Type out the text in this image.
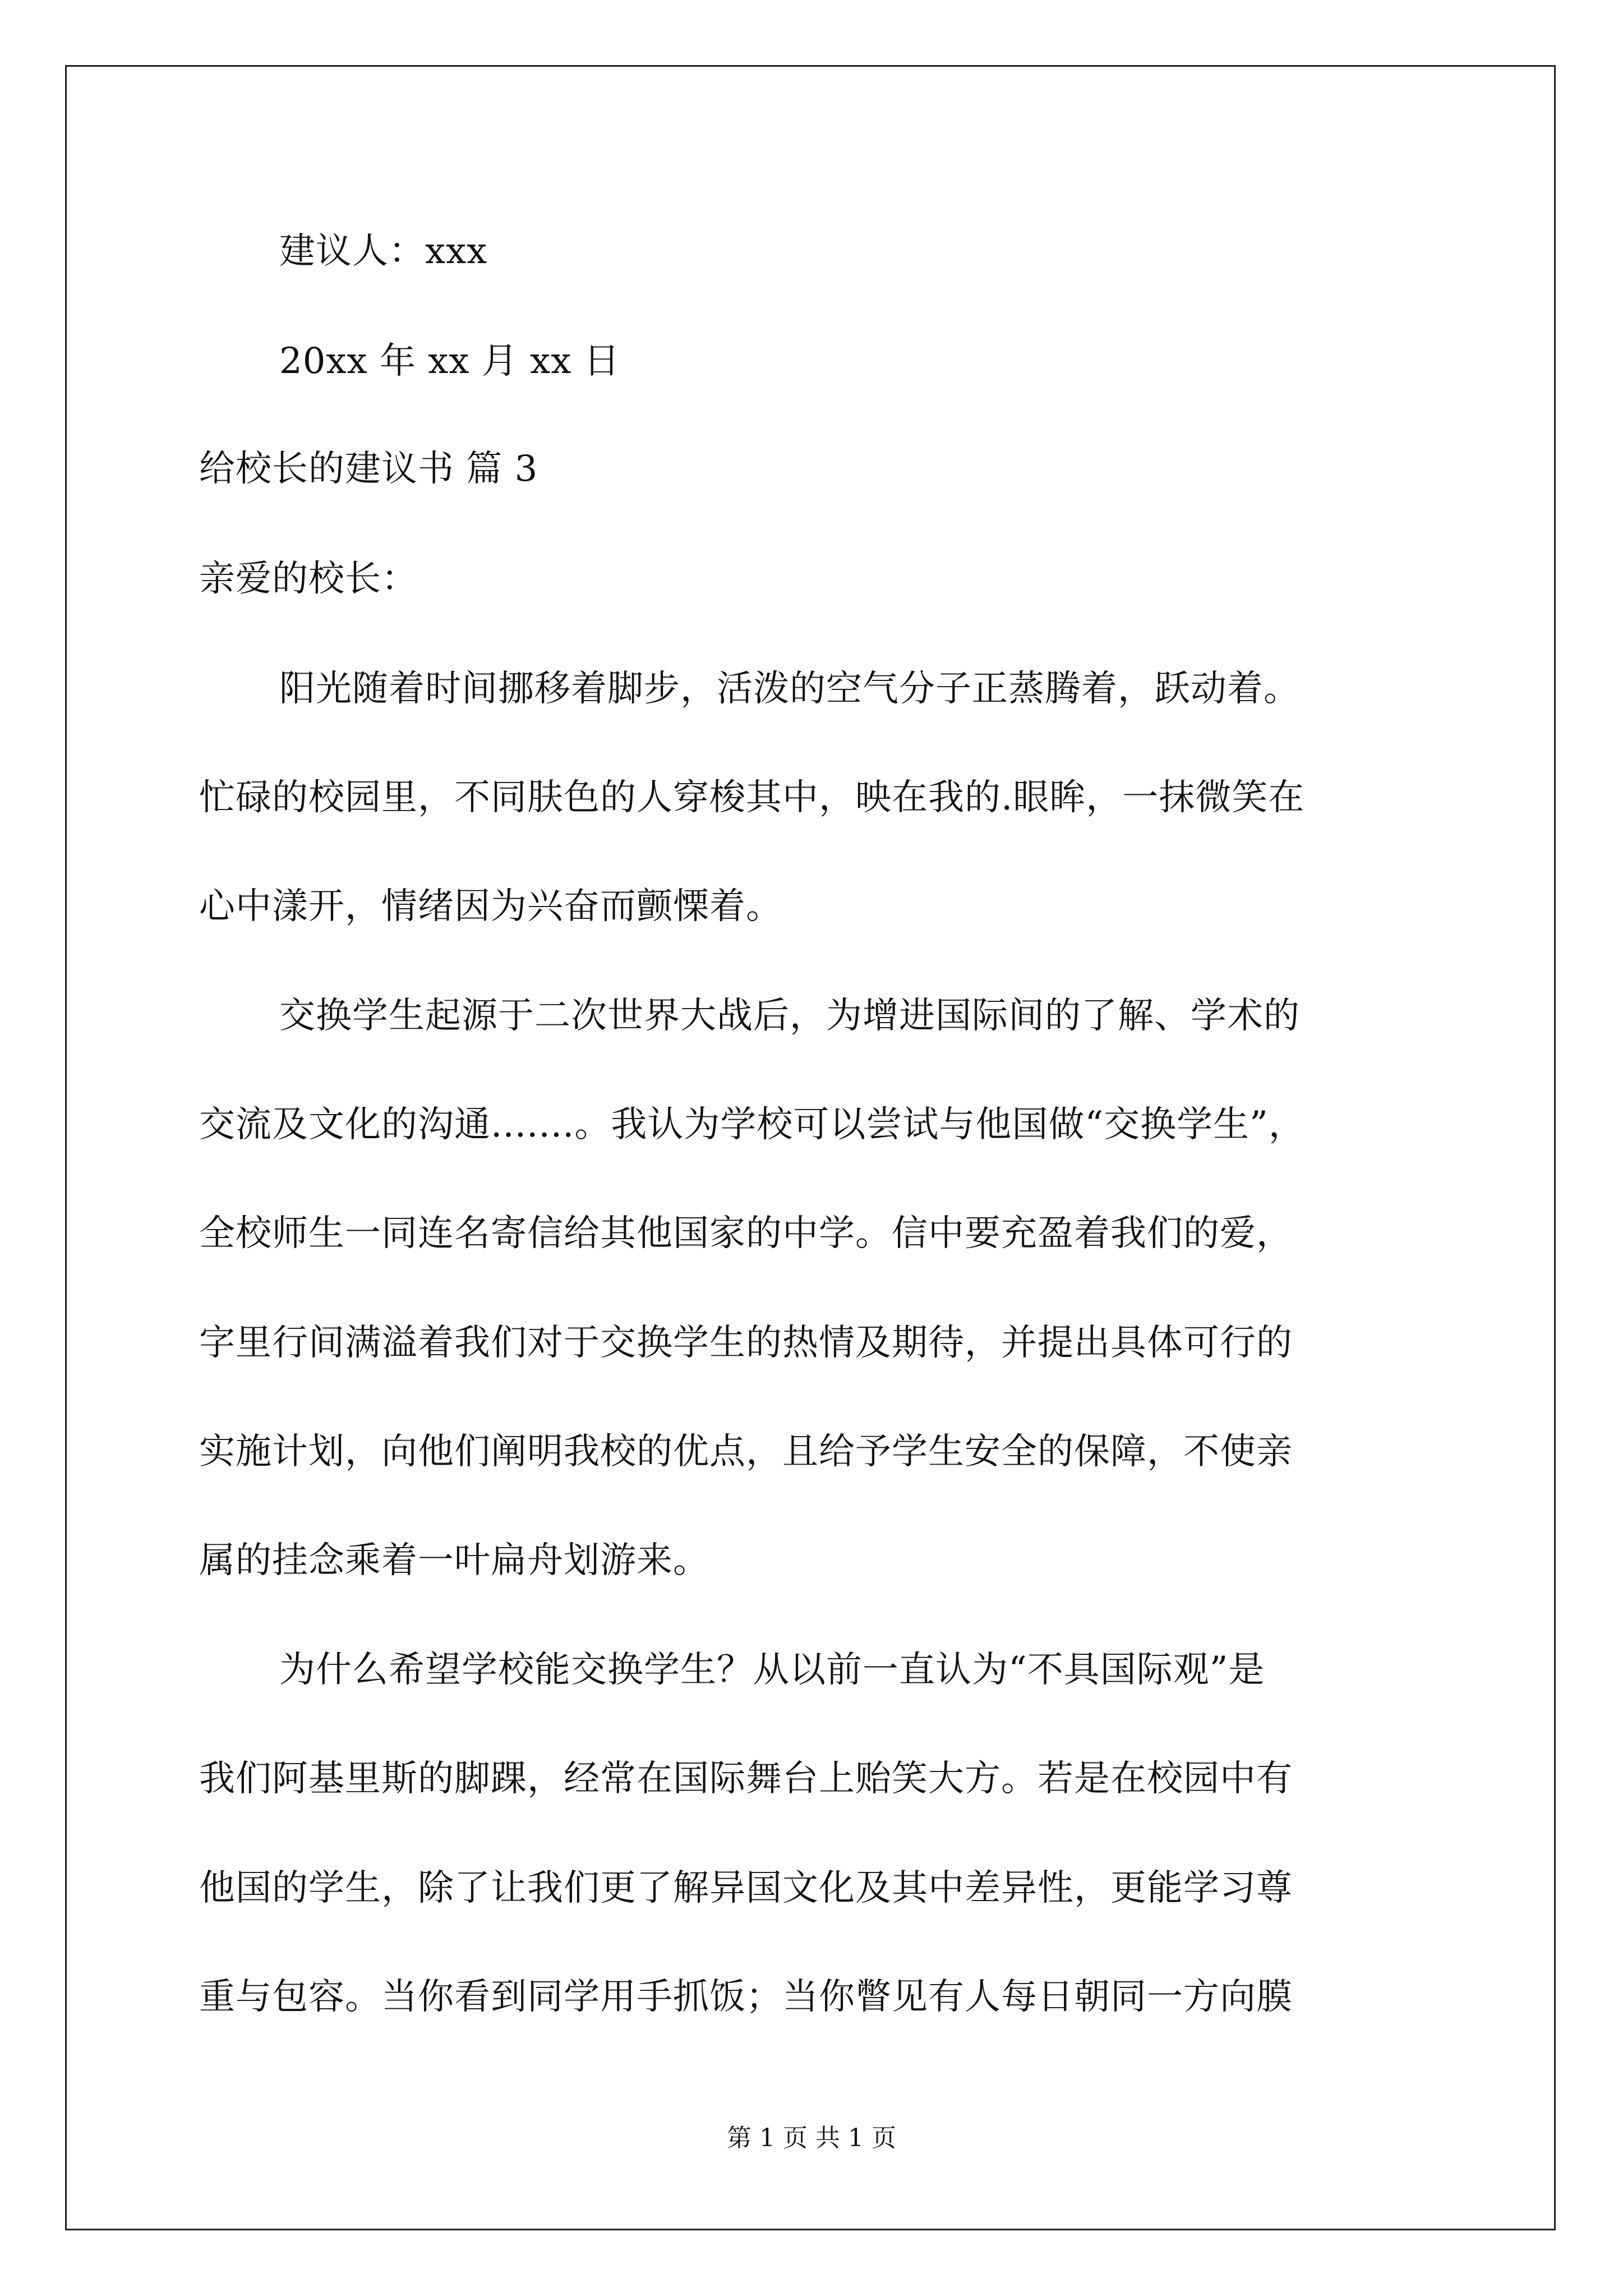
建议人：xxx
20xx 年 xx 月 xx 日
给校长的建议书 篇 3
亲爱的校长：
阳光随着时间挪移着脚步，活泼的空气分子正蒸腾着，跃动着。
忙碌的校园里，不同肤色的人穿梭其中，映在我的.眼眸，一抹微笑在
心中漾开，情绪因为兴奋而颤慄着。
交换学生起源于二次世界大战后，为增进国际间的了解、学术的
交流及文化的沟通.......。我认为学校可以尝试与他国做“交换学生”，
全校师生一同连名寄信给其他国家的中学。信中要充盈着我们的爱，
字里行间满溢着我们对于交换学生的热情及期待，并提出具体可行的
实施计划，向他们阐明我校的优点，且给予学生安全的保障，不使亲
属的挂念乘着一叶扁舟划游来。
为什么希望学校能交换学生？从以前一直认为“不具国际观”是
我们阿基里斯的脚踝，经常在国际舞台上贻笑大方。若是在校园中有
他国的学生，除了让我们更了解异国文化及其中差异性，更能学习尊
重与包容。当你看到同学用手抓饭；当你瞥见有人每日朝同一方向膜
第 1 页 共 1 页
